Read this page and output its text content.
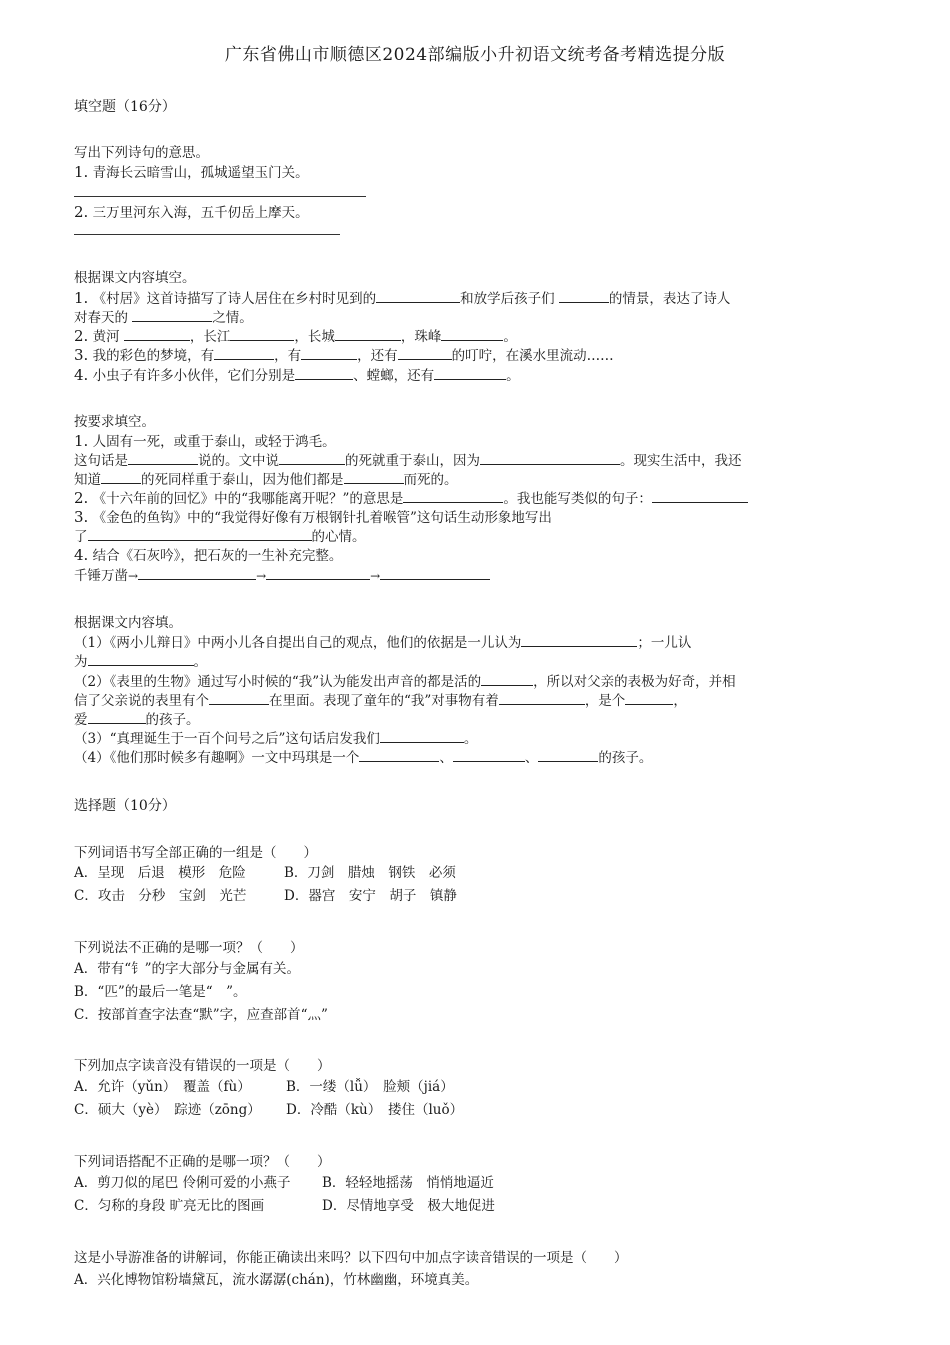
广东省佛山市顺德区2024部编版小升初语文统考备考精选提分版
填空题（16分）
写出下列诗句的意思。
1. 青海长云暗雪山，孤城遥望玉门关。
2. 三万里河东入海，五千仞岳上摩天。
根据课文内容填空。
1. 《村居》这首诗描写了诗人居住在乡村时见到的	和放学后孩子们	的情景，表达了诗人
对春天的	之情。
2. 黄河	，长江	，长城	，珠峰	。
3. 我的彩色的梦境，有	，有	，还有	的叮咛，在溪水里流动……
4. 小虫子有许多小伙伴，它们分别是	、螳螂，还有	。
按要求填空。
1. 人固有一死，或重于泰山，或轻于鸿毛。
这句话是	说的。文中说	的死就重于泰山，因为	。现实生活中，我还
知道	的死同样重于泰山，因为他们都是	而死的。
2. 《十六年前的回忆》中的“我哪能离开呢？”的意思是	。我也能写类似的句子：
3. 《金色的鱼钩》中的“我觉得好像有万根钢针扎着喉管”这句话生动形象地写出
了	的心情。
4. 结合《石灰吟》，把石灰的一生补充完整。
千锤万凿→	→	→
根据课文内容填。
（1）《两小儿辩日》中两小儿各自提出自己的观点，他们的依据是一儿认为	；一儿认
为	。
（2）《表里的生物》通过写小时候的“我”认为能发出声音的都是活的	，所以对父亲的表极为好奇，并相
信了父亲说的表里有个	在里面。表现了童年的“我”对事物有着	，是个	，
爱	的孩子。
（3）“真理诞生于一百个问号之后”这句话启发我们	。
（4）《他们那时候多有趣啊》一文中玛琪是一个	、	、	的孩子。
选择题（10分）
下列词语书写全部正确的一组是（　　）
A．呈现　后退　模形　危险	B．刀剑　腊烛　钢铁　必须
C．攻击　分秒　宝剑　光芒	D．器宫　安宁　胡子　镇静
下列说法不正确的是哪一项？（　　）
A．带有“钅”的字大部分与金属有关。
B．“匹”的最后一笔是“　”。
C．按部首查字法查“默”字，应查部首“灬”
下列加点字读音没有错误的一项是（　　）
A．允许（yǔn）　覆盖（fù）	B．一缕（lǚ）　脸颊（jiá）
C．硕大（yè）　踪迹（zōng） D．冷酷（kù）　搂住（luǒ）
下列词语搭配不正确的是哪一项？（　　）
A．剪刀似的尾巴 伶俐可爱的小燕子 B．轻轻地摇荡　悄悄地逼近
C．匀称的身段 旷亮无比的图画	D．尽情地享受　极大地促进
这是小导游准备的讲解词，你能正确读出来吗？以下四句中加点字读音错误的一项是（　　）
A．兴化博物馆粉墙黛瓦，流水潺潺(chán)，竹林幽幽，环境真美。
